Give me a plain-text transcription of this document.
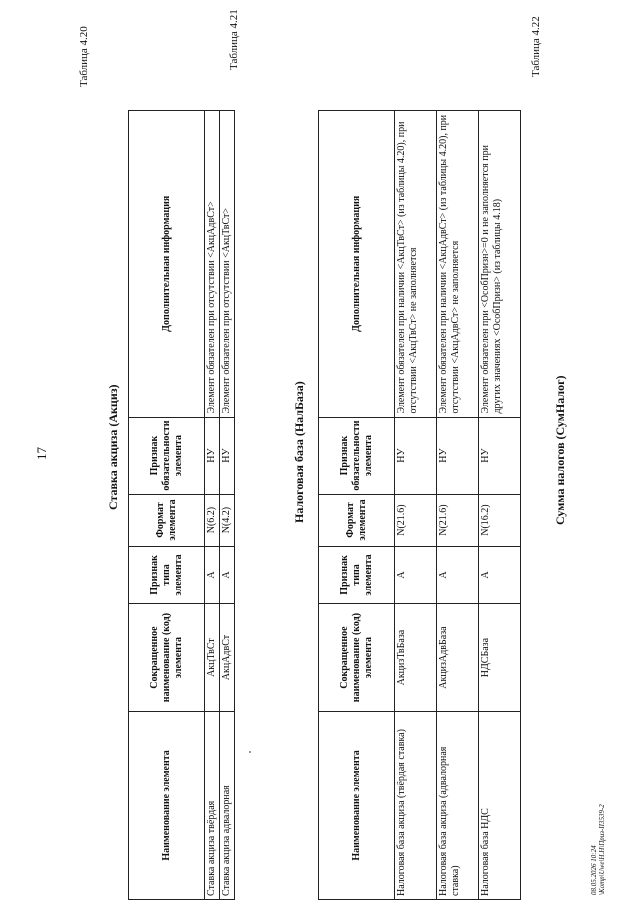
17
Таблица 4.20
Ставка акциза (Акциз)
Наименование элемента	Сокращенное наименование (код) элемента	Признак типа элемента	Формат элемента	Признак обязательности элемента	Дополнительная информация
Ставка акциза твёрдая	АкцТвСт	А	N(6.2)	НУ	Элемент обязателен при отсутствии <АкцАдвСт>
Ставка акциза адвалорная	АкцАдвСт	А	N(4.2)	НУ	Элемент обязателен при отсутствии <АкцТвСт>
Таблица 4.21
Налоговая база (НалБаза)
Наименование элемента	Сокращенное наименование (код) элемента	Признак типа элемента	Формат элемента	Признак обязательности элемента	Дополнительная информация
Налоговая база акциза (твёрдая ставка)	АкцизТвБаза	А	N(21.6)	НУ	Элемент обязателен при наличии <АкцТвСт> (из таблицы 4.20), при отсутствии <АкцТвСт> не заполняется
Налоговая база акциза (адвалорная ставка)	АкцизАдвБаза	А	N(21.6)	НУ	Элемент обязателен при наличии <АкцАдвСт> (из таблицы 4.20), при отсутствии <АкцАдвСт> не заполняется
Налоговая база НДС	НДСБаза	А	N(16.2)	НУ	Элемент обязателен при <ОсобПризн>=0 и не заполняется при других значениях <ОсобПризн> (из таблицы 4.18)
Таблица 4.22
Сумма налогов (СумНалог)
08.05.2026 10:24 \Komp\Uwe\Н.Н\Приз-II3539-2
